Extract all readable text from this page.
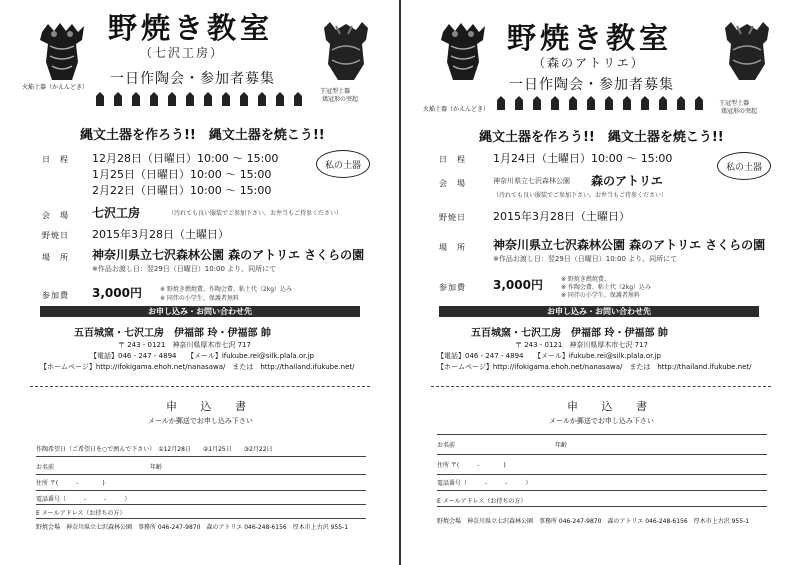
火焔土器（かえんどき）
王冠型土器
鶏冠形の突起
野焼き教室
（七沢工房）
一日作陶会・参加者募集
縄文土器を作ろう!!　縄文土器を焼こう!!
日　程 12月28日（日曜日）10:00 ～ 15:00
1月25日（日曜日）10:00 ～ 15:00
2月22日（日曜日）10:00 ～ 15:00
私の土器
会　場 七沢工房	（汚れても良い服装でご参加下さい。お弁当もご持参ください）
野焼日 2015年3月28日（土曜日）
場　所 神奈川県立七沢森林公園 森のアトリエ さくらの園
※作品お渡し日：翌29日（日曜日）10:00 より、同所にて
参加費 3,000円	※ 野焼き燃焼費、作陶会費、粘土代（2kg）込み
※ 同伴の小学生、保護者無料
お申し込み・お問い合わせ先
五百城窯・七沢工房　伊福部 玲・伊福部 帥
〒 243 - 0121　神奈川県厚木市七沢 717
【電話】046 - 247 - 4894　　【メール】ifukube.rei@silk.plala.or.jp
【ホームページ】http://ifokigama.ehoh.net/nanasawa/　または　http://thailand.ifukube.net/
申 込 書
メールか郵送でお申し込み下さい
作陶希望日（ご希望日を○で囲んで下さい）　①12月28日　　②1月25日　　③2月22日
お名前	年齢
住所 〒(　　　-　　　　)
電話番号（　　　-　　　-　　　）
E メールアドレス（お持ちの方）
野焼会場　神奈川県立七沢森林公園　事務所 046-247-9870　森のアトリエ 046-248-6156　厚木市上古沢 955-1
火焔土器（かえんどき）
王冠型土器
鶏冠形の突起
野焼き教室
（森のアトリエ）
一日作陶会・参加者募集
縄文土器を作ろう!!　縄文土器を焼こう!!
日　程 1月24日（土曜日）10:00 ～ 15:00
私の土器
会　場	神奈川県立七沢森林公園 森のアトリエ
（汚れても良い服装でご参加下さい。お弁当もご持参ください）
野焼日 2015年3月28日（土曜日）
場　所 神奈川県立七沢森林公園 森のアトリエ さくらの園
※作品お渡し日：翌29日（日曜日）10:00 より、同所にて
参加費 3,000円	※ 野焼き燃焼費、
※ 作陶会費、粘土代（2kg）込み
※ 同伴の小学生、保護者無料
お申し込み・お問い合わせ先
五百城窯・七沢工房　伊福部 玲・伊福部 帥
〒 243 - 0121　神奈川県厚木市七沢 717
【電話】046 - 247 - 4894　　【メール】ifukube.rei@silk.plala.or.jp
【ホームページ】http://ifokigama.ehoh.net/nanasawa/　または　http://thailand.ifukube.net/
申 込 書
メールか郵送でお申し込み下さい
お名前	年齢
住所 〒(　　　-　　　　)
電話番号（　　　-　　　-　　　）
E メールアドレス（お持ちの方）
野焼会場　神奈川県立七沢森林公園　事務所 046-247-9870　森のアトリエ 046-248-6156　厚木市上古沢 955-1
